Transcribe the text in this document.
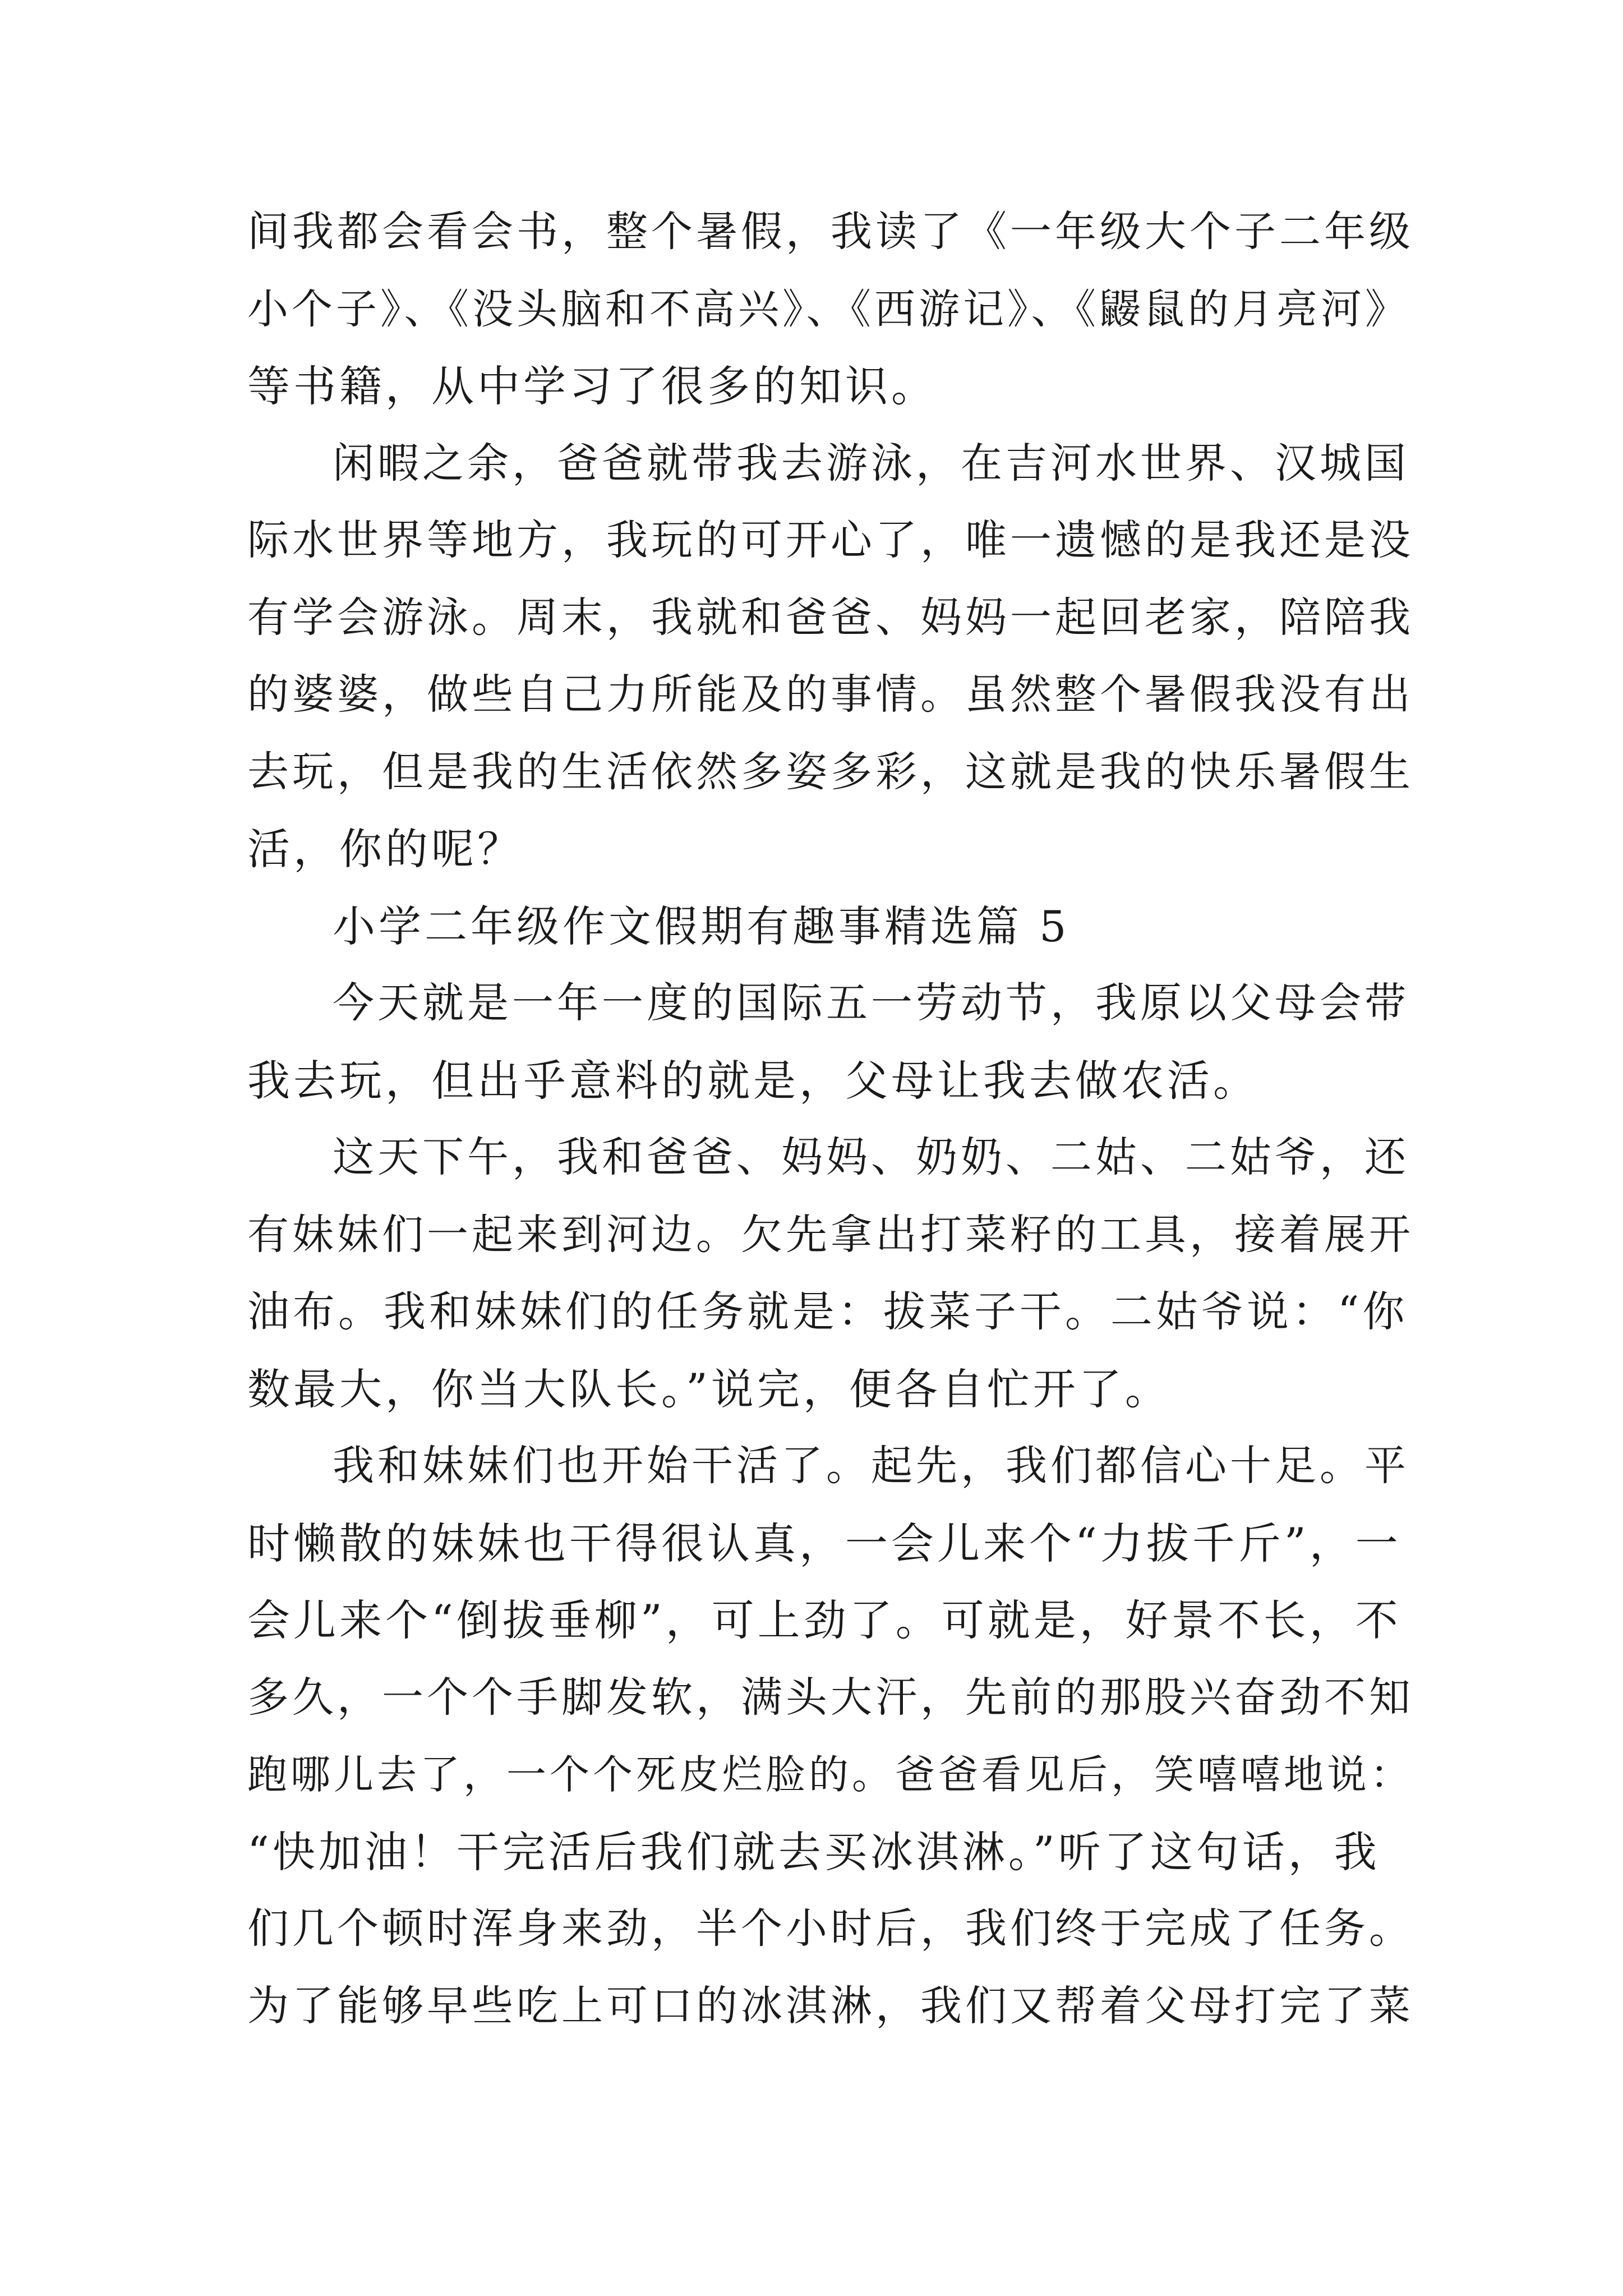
间我都会看会书，整个暑假，我读了《一年级大个子二年级
小个子》、《没头脑和不高兴》、《西游记》、《鼹鼠的月亮河》
等书籍，从中学习了很多的知识。
闲暇之余，爸爸就带我去游泳，在吉河水世界、汉城国
际水世界等地方，我玩的可开心了，唯一遗憾的是我还是没
有学会游泳。周末，我就和爸爸、妈妈一起回老家，陪陪我
的婆婆，做些自己力所能及的事情。虽然整个暑假我没有出
去玩，但是我的生活依然多姿多彩，这就是我的快乐暑假生
活，你的呢？
小学二年级作文假期有趣事精选篇 5
今天就是一年一度的国际五一劳动节，我原以父母会带
我去玩，但出乎意料的就是，父母让我去做农活。
这天下午，我和爸爸、妈妈、奶奶、二姑、二姑爷，还
有妹妹们一起来到河边。欠先拿出打菜籽的工具，接着展开
油布。我和妹妹们的任务就是：拔菜子干。二姑爷说：“你
数最大，你当大队长。”说完，便各自忙开了。
我和妹妹们也开始干活了。起先，我们都信心十足。平
时懒散的妹妹也干得很认真，一会儿来个“力拔千斤”，一
会儿来个“倒拔垂柳”，可上劲了。可就是，好景不长，不
多久，一个个手脚发软，满头大汗，先前的那股兴奋劲不知
跑哪儿去了，一个个死皮烂脸的。爸爸看见后，笑嘻嘻地说：
“快加油！干完活后我们就去买冰淇淋。”听了这句话，我
们几个顿时浑身来劲，半个小时后，我们终于完成了任务。
为了能够早些吃上可口的冰淇淋，我们又帮着父母打完了菜
